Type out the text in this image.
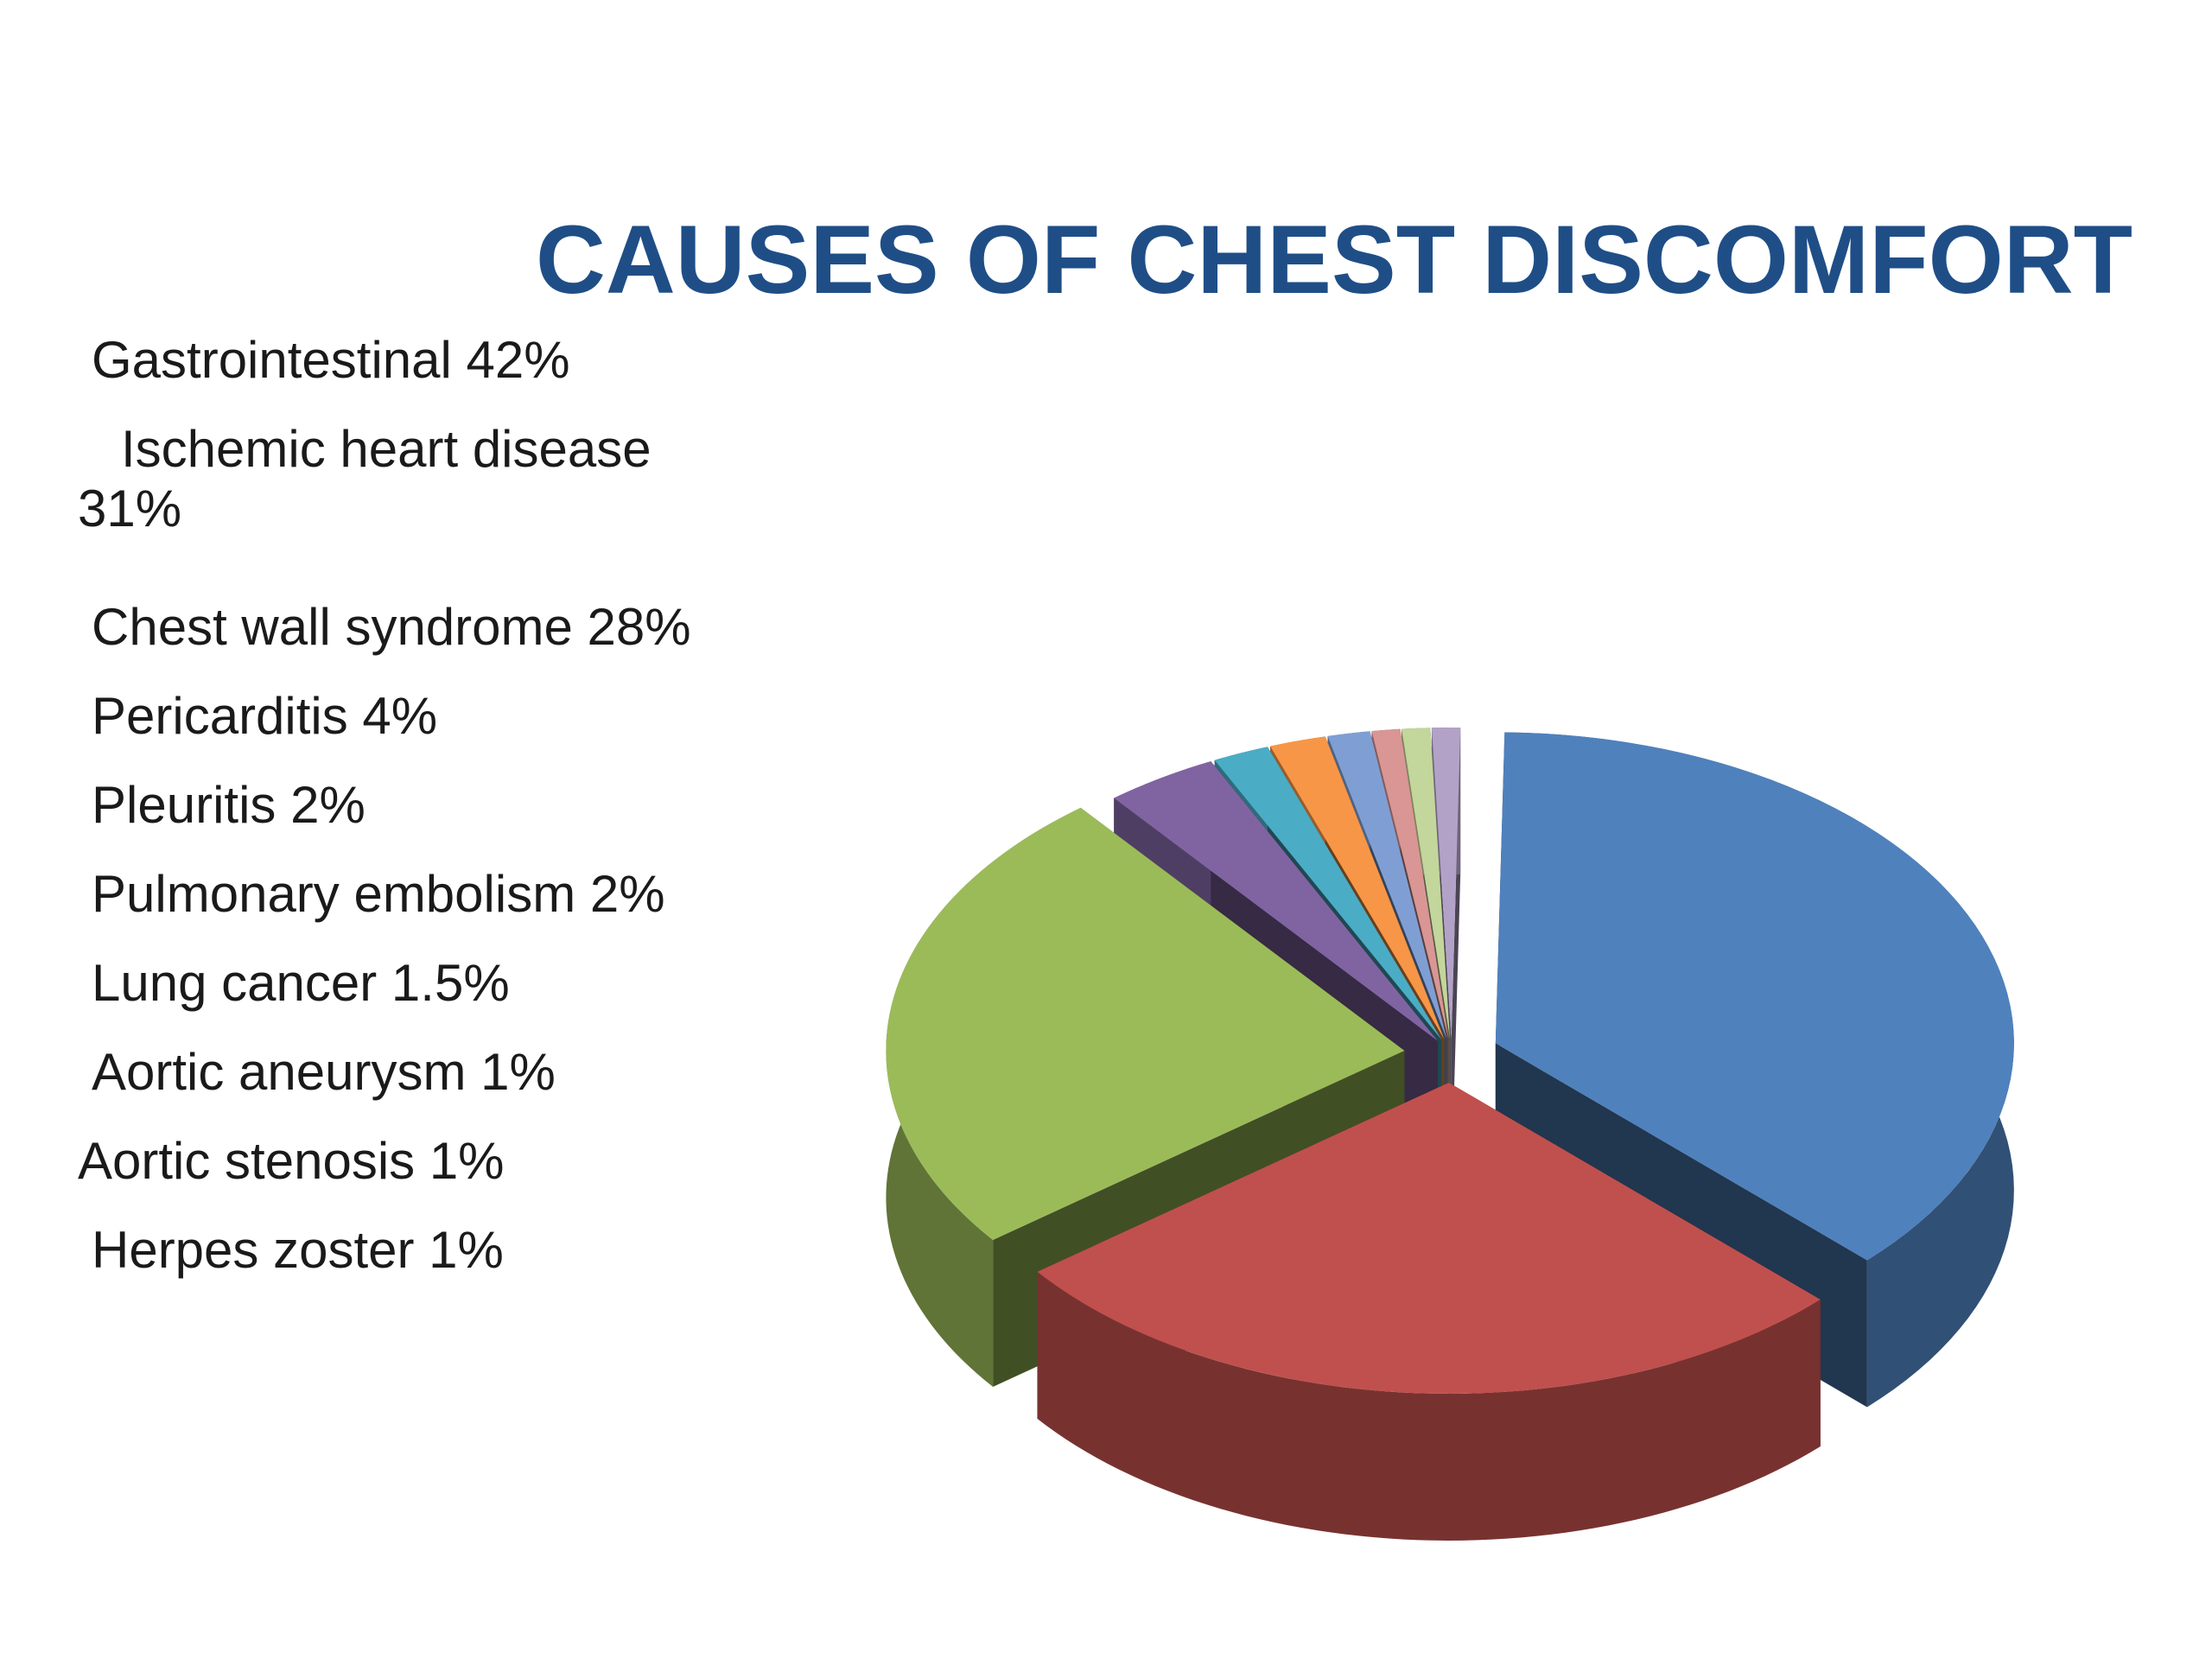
CAUSES OF CHEST DISCOMFORT
Gastrointestinal 42%
Ischemic heart disease 31%
Chest wall syndrome 28%
Pericarditis 4%
Pleuritis 2%
Pulmonary embolism 2%
Lung cancer 1.5%
Aortic aneurysm 1%
Aortic stenosis 1%
Herpes zoster 1%
